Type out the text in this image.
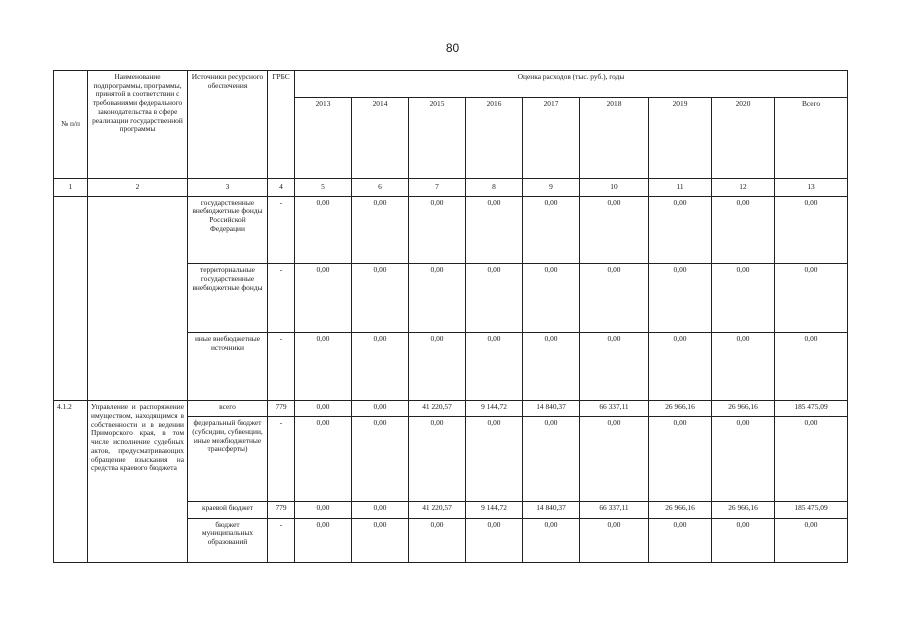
80
№ п/п	Наименование подпрограммы, программы, принятой в соответствии с требованиями федерального законодательства в сфере реализации государственной программы	Источники ресурсного обеспечения	ГРБС	Оценка расходов (тыс. руб.), годы								
				2013	2014	2015	2016	2017	2018	2019	2020	Всего
1	2	3	4	5	6	7	8	9	10	11	12	13
		государственные внебюджетные фонды Российской Федерации	-	0,00	0,00	0,00	0,00	0,00	0,00	0,00	0,00	0,00
		территориальные государственные внебюджетные фонды	-	0,00	0,00	0,00	0,00	0,00	0,00	0,00	0,00	0,00
		иные внебюджетные источники	-	0,00	0,00	0,00	0,00	0,00	0,00	0,00	0,00	0,00
4.1.2	Управление и распоряжение имуществом, находящимся в собственности и в ведении Приморского края, в том числе исполнение судебных актов, предусматривающих обращение взыскания на средства краевого бюджета	всего	779	0,00	0,00	41 220,57	9 144,72	14 840,37	66 337,11	26 966,16	26 966,16	185 475,09
		федеральный бюджет (субсидии, субвенции, иные межбюджетные трансферты)	-	0,00	0,00	0,00	0,00	0,00	0,00	0,00	0,00	0,00
		краевой бюджет	779	0,00	0,00	41 220,57	9 144,72	14 840,37	66 337,11	26 966,16	26 966,16	185 475,09
		бюджет муниципальных образований	-	0,00	0,00	0,00	0,00	0,00	0,00	0,00	0,00	0,00
